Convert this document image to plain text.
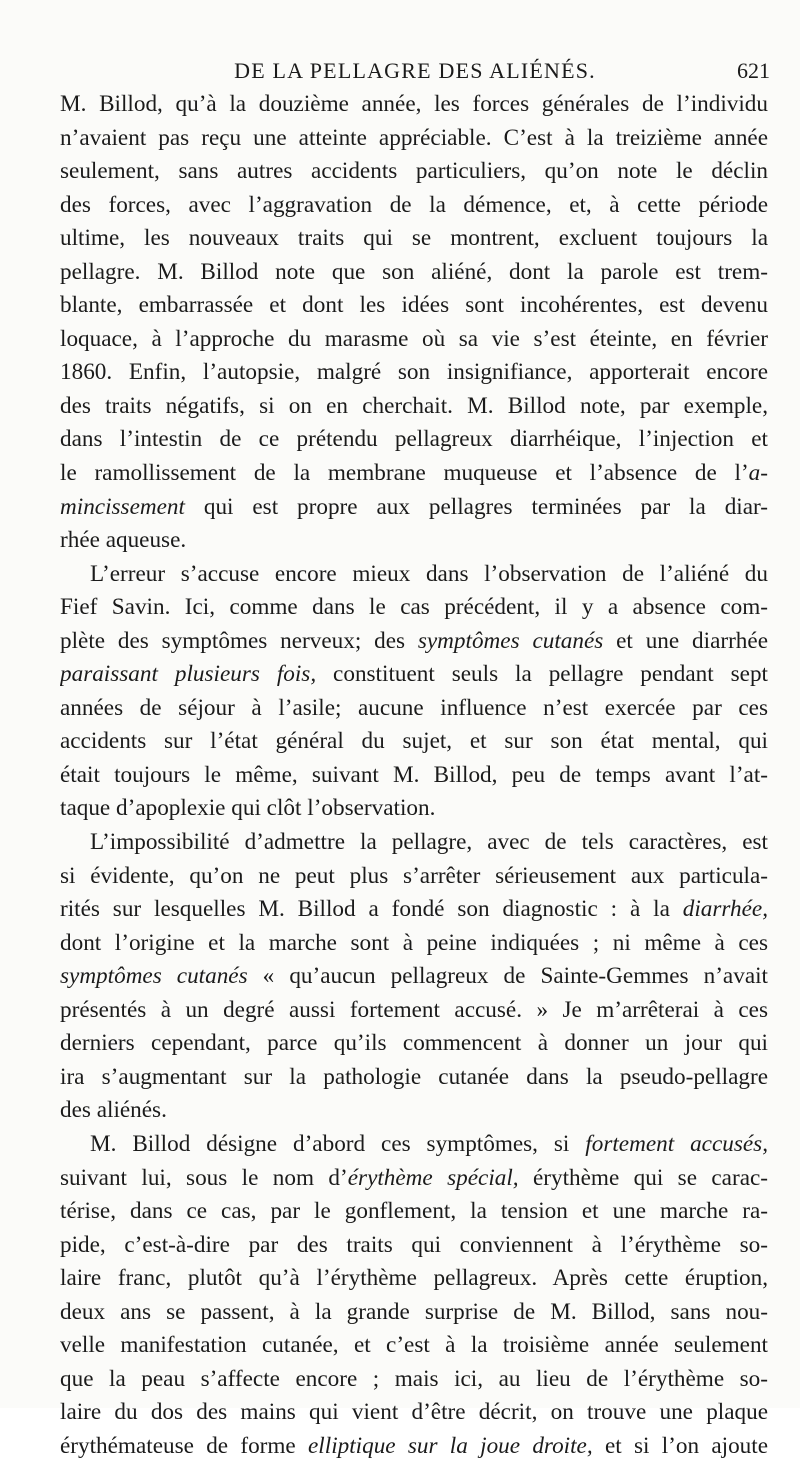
DE LA PELLAGRE DES ALIÉNÉS.	621
M. Billod, qu’à la douzième année, les forces générales de l’individu
n’avaient pas reçu une atteinte appréciable. C’est à la treizième année
seulement, sans autres accidents particuliers, qu’on note le déclin
des forces, avec l’aggravation de la démence, et, à cette période
ultime, les nouveaux traits qui se montrent, excluent toujours la
pellagre. M. Billod note que son aliéné, dont la parole est trem-
blante, embarrassée et dont les idées sont incohérentes, est devenu
loquace, à l’approche du marasme où sa vie s’est éteinte, en février
1860. Enfin, l’autopsie, malgré son insignifiance, apporterait encore
des traits négatifs, si on en cherchait. M. Billod note, par exemple,
dans l’intestin de ce prétendu pellagreux diarrhéique, l’injection et
le ramollissement de la membrane muqueuse et l’absence de l’a-
mincissement qui est propre aux pellagres terminées par la diar-
rhée aqueuse.
L’erreur s’accuse encore mieux dans l’observation de l’aliéné du
Fief Savin. Ici, comme dans le cas précédent, il y a absence com-
plète des symptômes nerveux; des symptômes cutanés et une diarrhée
paraissant plusieurs fois, constituent seuls la pellagre pendant sept
années de séjour à l’asile; aucune influence n’est exercée par ces
accidents sur l’état général du sujet, et sur son état mental, qui
était toujours le même, suivant M. Billod, peu de temps avant l’at-
taque d’apoplexie qui clôt l’observation.
L’impossibilité d’admettre la pellagre, avec de tels caractères, est
si évidente, qu’on ne peut plus s’arrêter sérieusement aux particula-
rités sur lesquelles M. Billod a fondé son diagnostic : à la diarrhée,
dont l’origine et la marche sont à peine indiquées ; ni même à ces
symptômes cutanés « qu’aucun pellagreux de Sainte-Gemmes n’avait
présentés à un degré aussi fortement accusé. » Je m’arrêterai à ces
derniers cependant, parce qu’ils commencent à donner un jour qui
ira s’augmentant sur la pathologie cutanée dans la pseudo-pellagre
des aliénés.
M. Billod désigne d’abord ces symptômes, si fortement accusés,
suivant lui, sous le nom d’érythème spécial, érythème qui se carac-
térise, dans ce cas, par le gonflement, la tension et une marche ra-
pide, c’est-à-dire par des traits qui conviennent à l’érythème so-
laire franc, plutôt qu’à l’érythème pellagreux. Après cette éruption,
deux ans se passent, à la grande surprise de M. Billod, sans nou-
velle manifestation cutanée, et c’est à la troisième année seulement
que la peau s’affecte encore ; mais ici, au lieu de l’érythème so-
laire du dos des mains qui vient d’être décrit, on trouve une plaque
érythémateuse de forme elliptique sur la joue droite, et si l’on ajoute
